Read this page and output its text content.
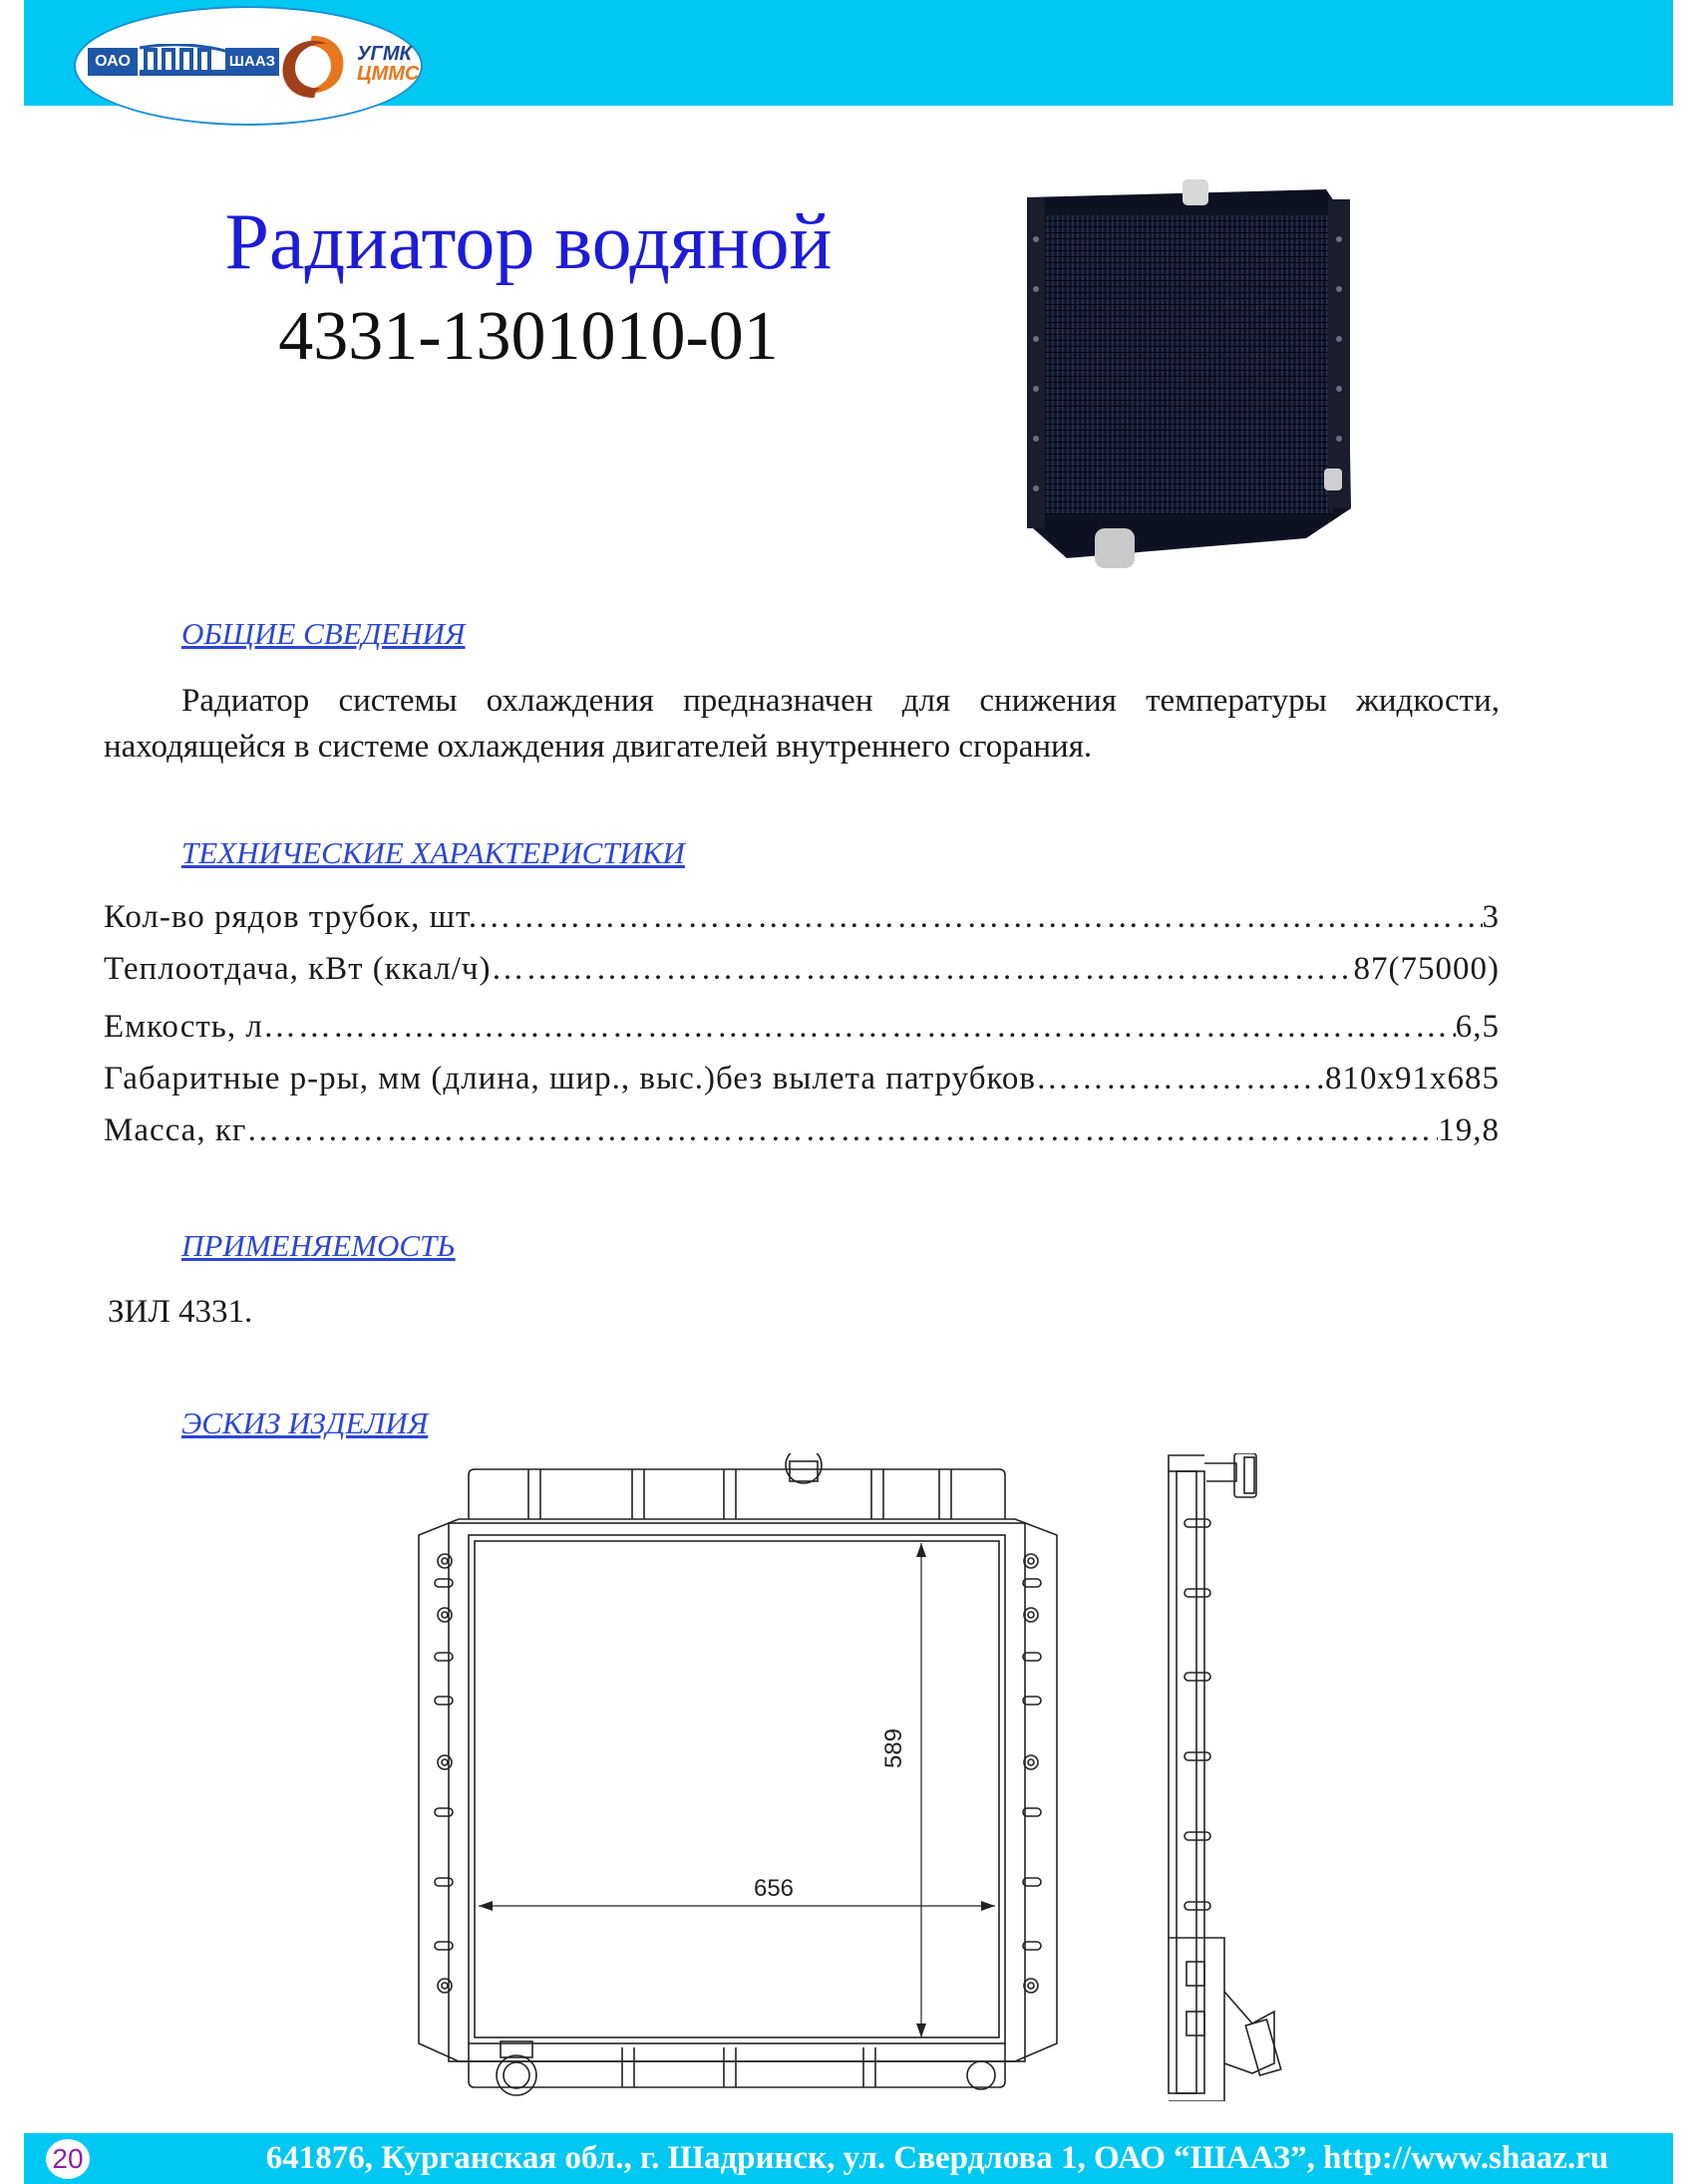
ОАО	ШААЗ	УГМК
ЦММС
Радиатор водяной
4331-1301010-01
ОБЩИЕ СВЕДЕНИЯ
Радиатор системы охлаждения предназначен для снижения температуры жидкости, находящейся в системе охлаждения двигателей внутреннего сгорания.
ТЕХНИЧЕСКИЕ ХАРАКТЕРИСТИКИ
Кол-во рядов трубок, шт. ………………………………………………………………………………………………………………………………………………	3
Теплоотдача, кВт (ккал/ч) ………………………………………………………………………………………………………………………………………………	87(75000)
Емкость, л ………………………………………………………………………………………………………………………………………………	6,5
Габаритные р-ры, мм (длина, шир., выс.)без вылета патрубков ………………………………………………………………………………………………………………………………………………	810х91х685
Масса, кг ………………………………………………………………………………………………………………………………………………	19,8
ПРИМЕНЯЕМОСТЬ
ЗИЛ 4331.
ЭСКИЗ ИЗДЕЛИЯ
589
656
20	641876, Курганская обл., г. Шадринск, ул. Свердлова 1, ОАО “ШААЗ”, http://www.shaaz.ru
